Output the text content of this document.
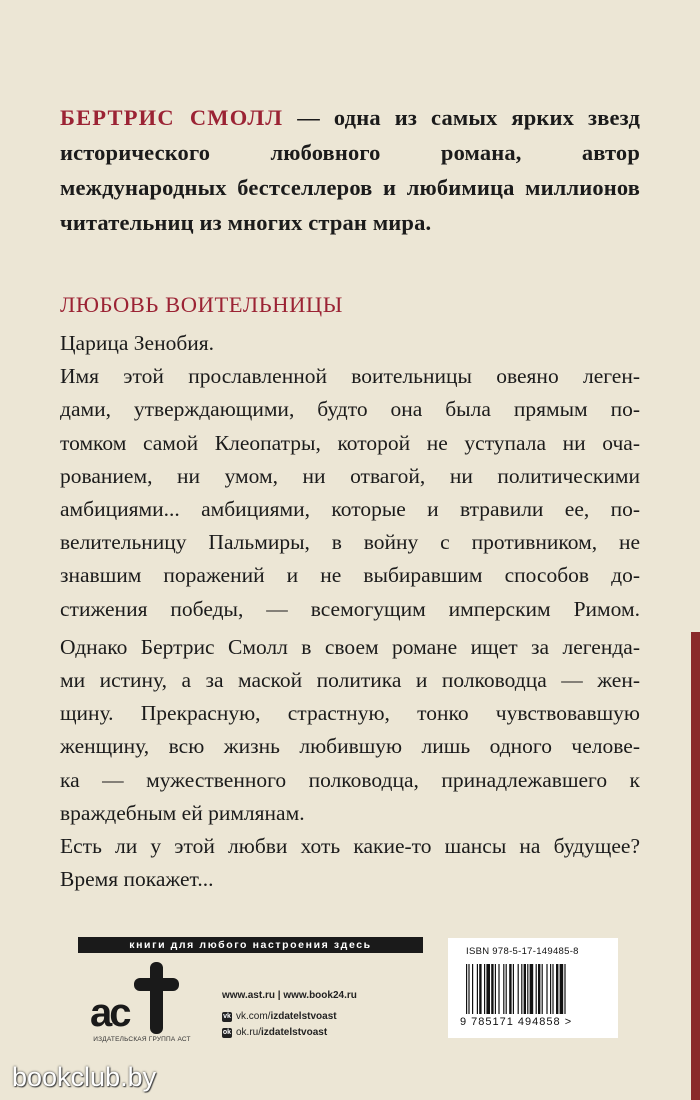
БЕРТРИС СМОЛЛ — одна из самых ярких звезд исторического любовного романа, автор международных бестселлеров и любимица миллионов читательниц из многих стран мира.

ЛЮБОВЬ ВОИТЕЛЬНИЦЫ
Царица Зенобия.
Имя этой прославленной воительницы овеяно леген-
дами, утверждающими, будто она была прямым по-
томком самой Клеопатры, которой не уступала ни оча-
рованием, ни умом, ни отвагой, ни политическими
амбициями... амбициями, которые и втравили ее, по-
велительницу Пальмиры, в войну с противником, не
знавшим поражений и не выбиравшим способов до-
стижения победы, — всемогущим имперским Римом.
Однако Бертрис Смолл в своем романе ищет за легенда-
ми истину, а за маской политика и полководца — жен-
щину. Прекрасную, страстную, тонко чувствовавшую
женщину, всю жизнь любившую лишь одного челове-
ка — мужественного полководца, принадлежавшего к
враждебным ей римлянам.
Есть ли у этой любви хоть какие-то шансы на будущее?
Время покажет...
книги для любого настроения здесь
ac
ИЗДАТЕЛЬСКАЯ ГРУППА АСТ
www.ast.ru | www.book24.ru
vk vk.com/izdatelstvoast
ok ok.ru/izdatelstvoast
ISBN 978-5-17-149485-8
9 785171 494858 >
bookclub.by
